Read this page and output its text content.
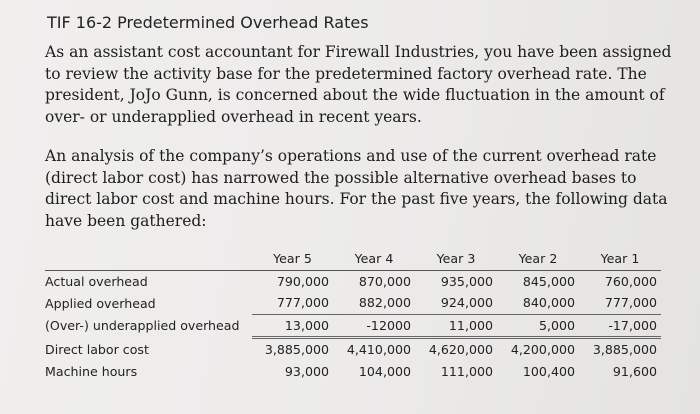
TIF 16-2 Predetermined Overhead Rates

As an assistant cost accountant for Firewall Industries, you have been assigned to review the activity base for the predetermined factory overhead rate. The president, JoJo Gunn, is concerned about the wide fluctuation in the amount of over- or underapplied overhead in recent years.

An analysis of the company’s operations and use of the current overhead rate (direct labor cost) has narrowed the possible alternative overhead bases to direct labor cost and machine hours. For the past five years, the following data have been gathered:

	Year 5	Year 4	Year 3	Year 2	Year 1
Actual overhead	790,000	870,000	935,000	845,000	760,000
Applied overhead	777,000	882,000	924,000	840,000	777,000
(Over-) underapplied overhead	13,000	-12000	11,000	5,000	-17,000
Direct labor cost	3,885,000	4,410,000	4,620,000	4,200,000	3,885,000
Machine hours	93,000	104,000	111,000	100,400	91,600
